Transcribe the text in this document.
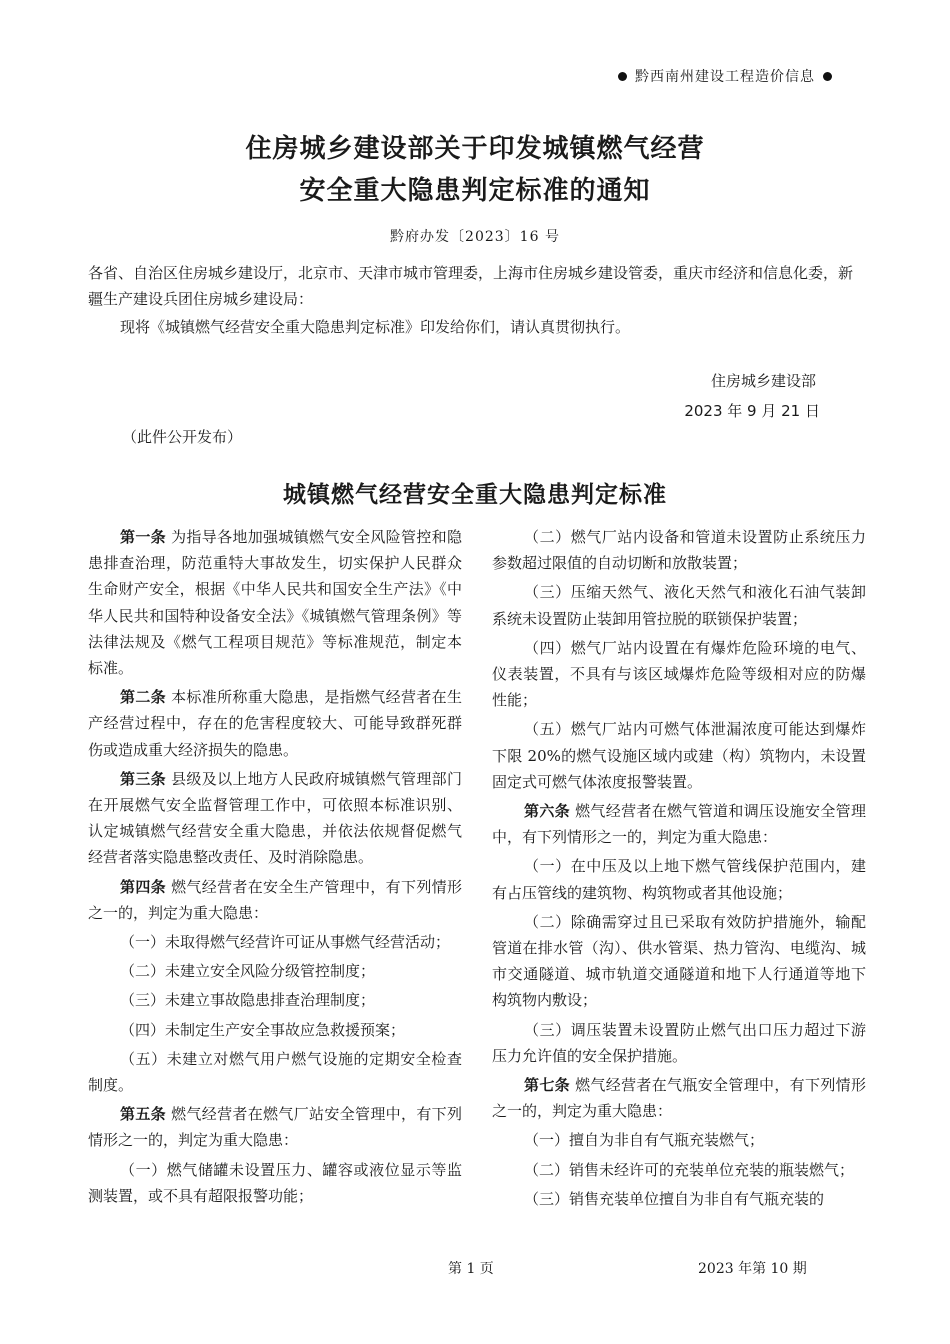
黔西南州建设工程造价信息
住房城乡建设部关于印发城镇燃气经营
安全重大隐患判定标准的通知
黔府办发〔2023〕16 号
各省、自治区住房城乡建设厅，北京市、天津市城市管理委，上海市住房城乡建设管委，重庆市经济和信息化委，新疆生产建设兵团住房城乡建设局：
现将《城镇燃气经营安全重大隐患判定标准》印发给你们，请认真贯彻执行。
住房城乡建设部
2023 年 9 月 21 日
（此件公开发布）
城镇燃气经营安全重大隐患判定标准

第一条 为指导各地加强城镇燃气安全风险管控和隐患排查治理，防范重特大事故发生，切实保护人民群众生命财产安全，根据《中华人民共和国安全生产法》《中华人民共和国特种设备安全法》《城镇燃气管理条例》等法律法规及《燃气工程项目规范》等标准规范，制定本标准。

第二条 本标准所称重大隐患，是指燃气经营者在生产经营过程中，存在的危害程度较大、可能导致群死群伤或造成重大经济损失的隐患。

第三条 县级及以上地方人民政府城镇燃气管理部门在开展燃气安全监督管理工作中，可依照本标准识别、认定城镇燃气经营安全重大隐患，并依法依规督促燃气经营者落实隐患整改责任、及时消除隐患。

第四条 燃气经营者在安全生产管理中，有下列情形之一的，判定为重大隐患：

（一）未取得燃气经营许可证从事燃气经营活动；

（二）未建立安全风险分级管控制度；

（三）未建立事故隐患排查治理制度；

（四）未制定生产安全事故应急救援预案；

（五）未建立对燃气用户燃气设施的定期安全检查制度。

第五条 燃气经营者在燃气厂站安全管理中，有下列情形之一的，判定为重大隐患：

（一）燃气储罐未设置压力、罐容或液位显示等监测装置，或不具有超限报警功能；

（二）燃气厂站内设备和管道未设置防止系统压力参数超过限值的自动切断和放散装置；

（三）压缩天然气、液化天然气和液化石油气装卸系统未设置防止装卸用管拉脱的联锁保护装置；

（四）燃气厂站内设置在有爆炸危险环境的电气、仪表装置，不具有与该区域爆炸危险等级相对应的防爆性能；

（五）燃气厂站内可燃气体泄漏浓度可能达到爆炸下限 20%的燃气设施区域内或建（构）筑物内，未设置固定式可燃气体浓度报警装置。

第六条 燃气经营者在燃气管道和调压设施安全管理中，有下列情形之一的，判定为重大隐患：

（一）在中压及以上地下燃气管线保护范围内，建有占压管线的建筑物、构筑物或者其他设施；

（二）除确需穿过且已采取有效防护措施外，输配管道在排水管（沟）、供水管渠、热力管沟、电缆沟、城市交通隧道、城市轨道交通隧道和地下人行通道等地下构筑物内敷设；

（三）调压装置未设置防止燃气出口压力超过下游压力允许值的安全保护措施。

第七条 燃气经营者在气瓶安全管理中，有下列情形之一的，判定为重大隐患：

（一）擅自为非自有气瓶充装燃气；

（二）销售未经许可的充装单位充装的瓶装燃气；

（三）销售充装单位擅自为非自有气瓶充装的

第 1 页	2023 年第 10 期
